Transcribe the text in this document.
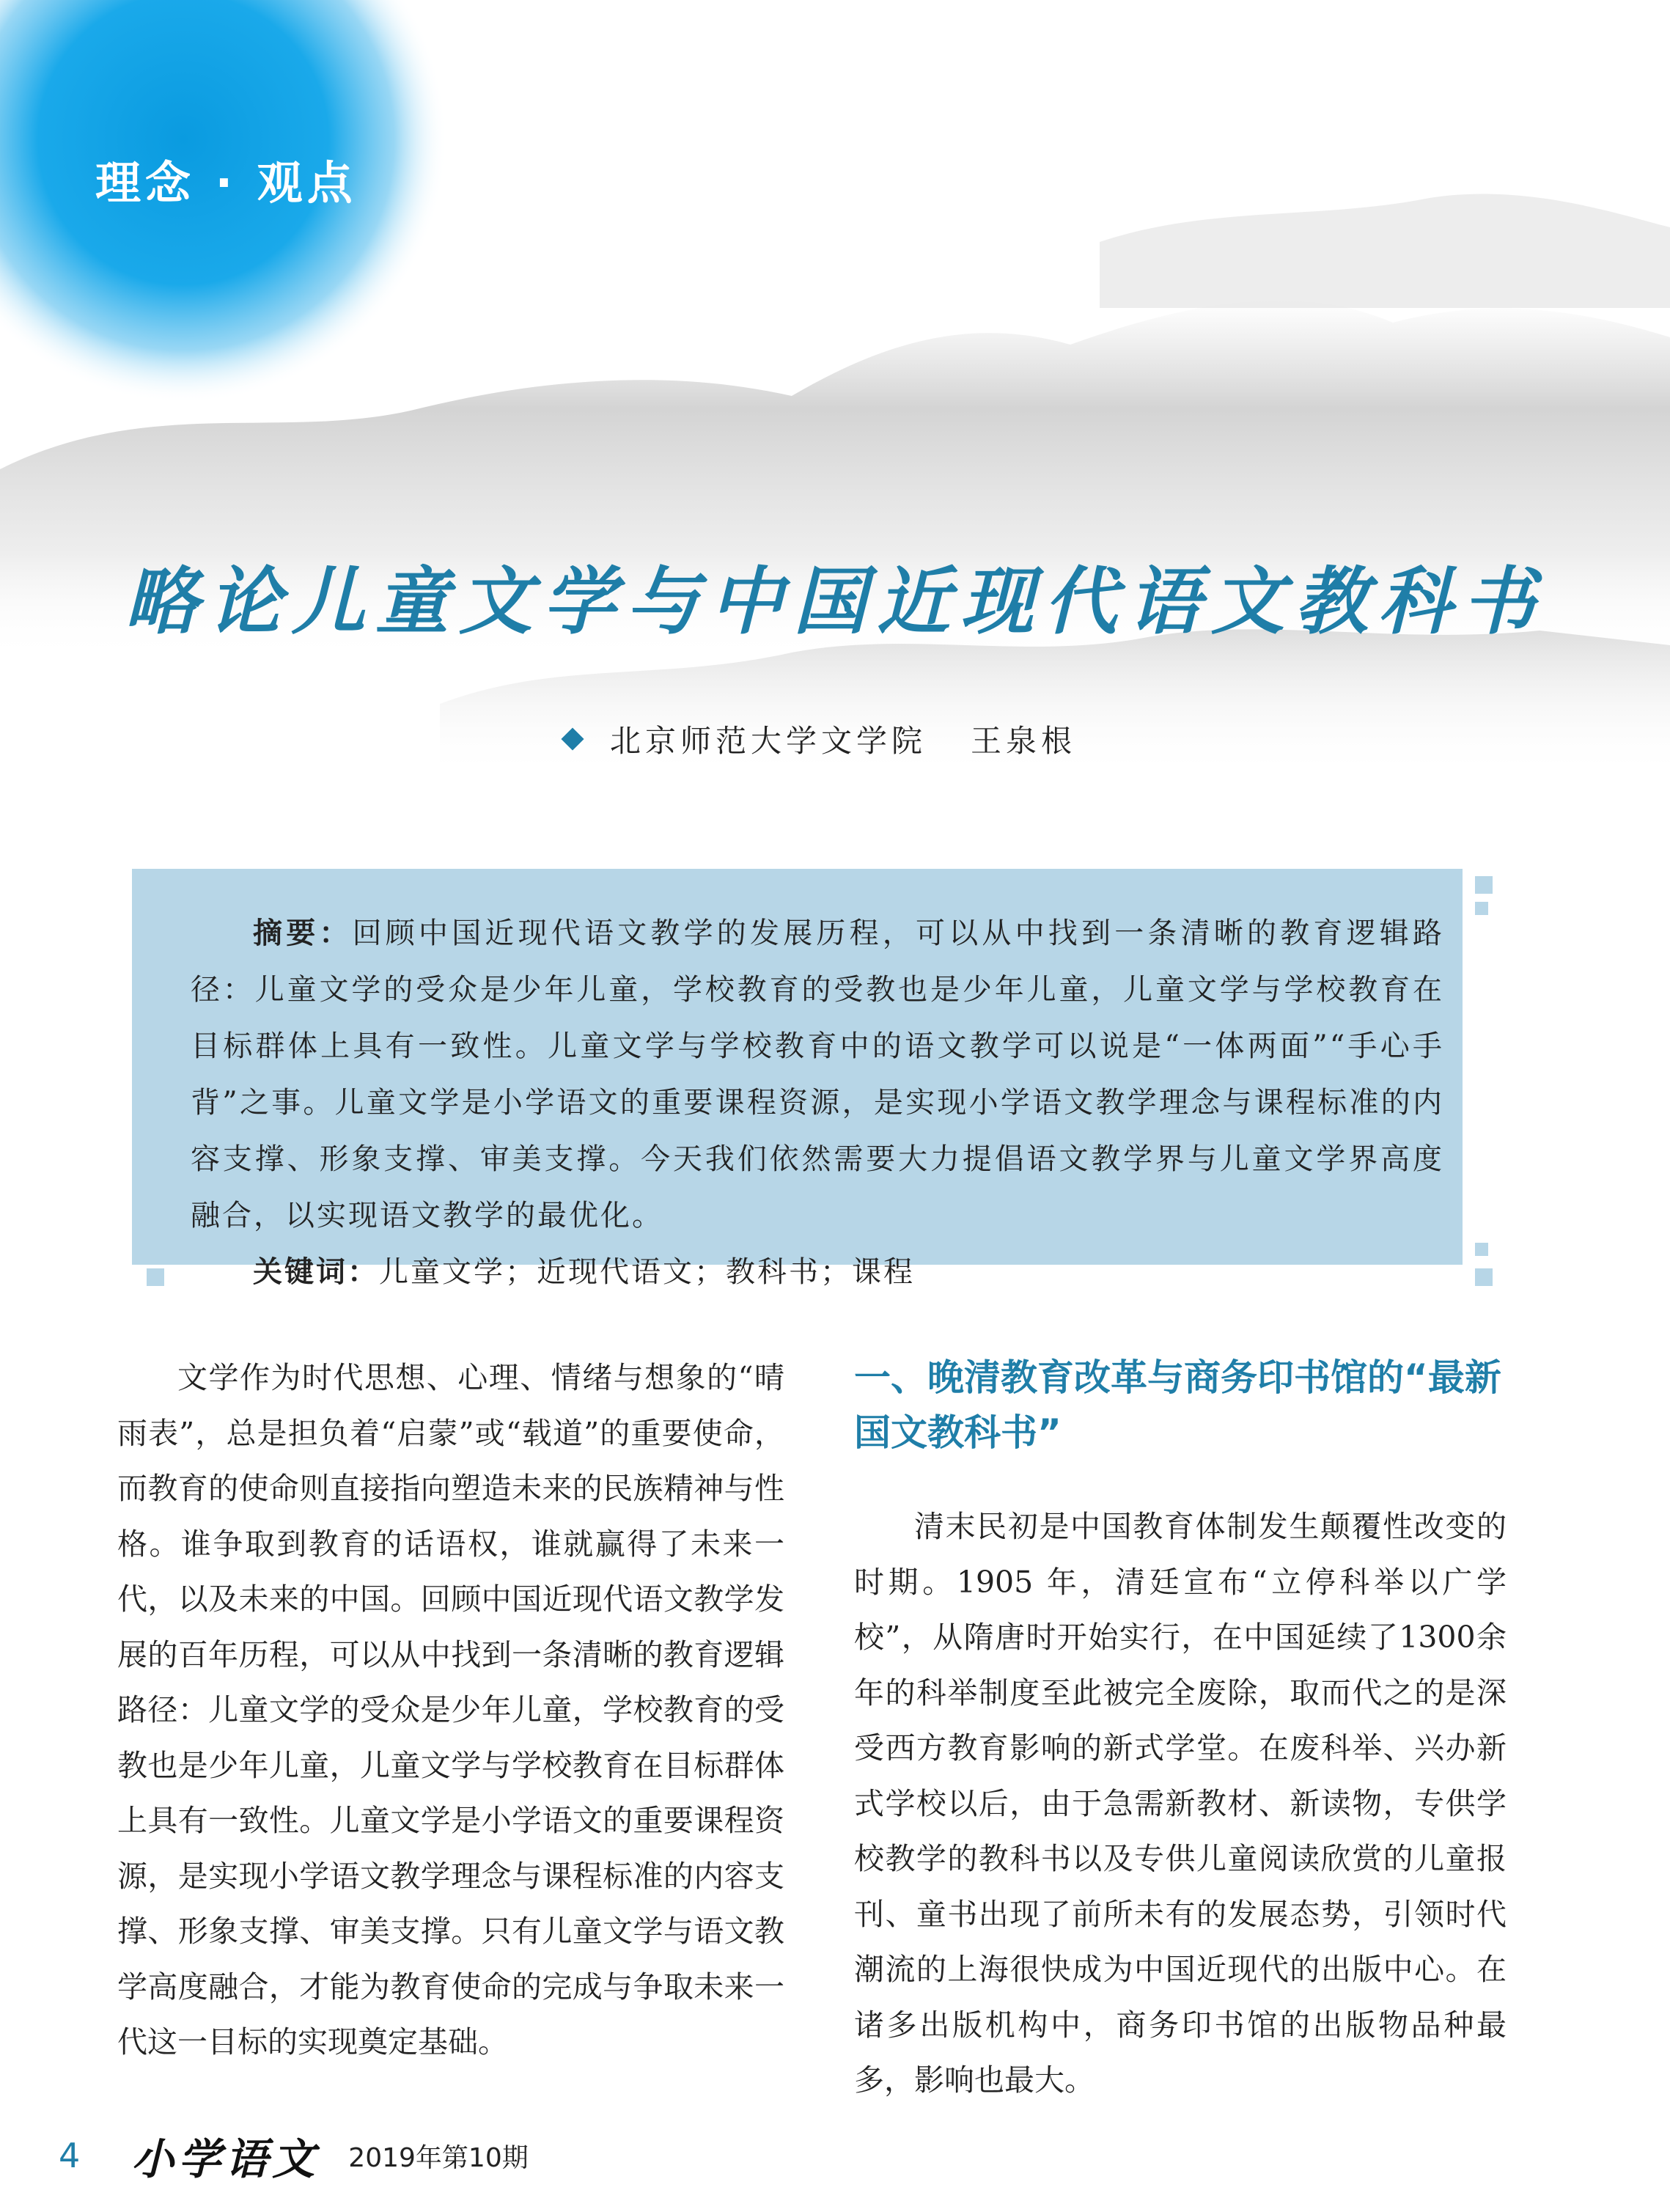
理念 · 观点
略论儿童文学与中国近现代语文教科书
北京师范大学文学院 王泉根

摘要：回顾中国近现代语文教学的发展历程，可以从中找到一条清晰的教育逻辑路径：儿童文学的受众是少年儿童，学校教育的受教也是少年儿童，儿童文学与学校教育在目标群体上具有一致性。儿童文学与学校教育中的语文教学可以说是“一体两面”“手心手背”之事。儿童文学是小学语文的重要课程资源，是实现小学语文教学理念与课程标准的内容支撑、形象支撑、审美支撑。今天我们依然需要大力提倡语文教学界与儿童文学界高度融合，以实现语文教学的最优化。

关键词：儿童文学；近现代语文；教科书；课程

文学作为时代思想、心理、情绪与想象的“晴雨表”，总是担负着“启蒙”或“载道”的重要使命，而教育的使命则直接指向塑造未来的民族精神与性格。谁争取到教育的话语权，谁就赢得了未来一代，以及未来的中国。回顾中国近现代语文教学发展的百年历程，可以从中找到一条清晰的教育逻辑路径：儿童文学的受众是少年儿童，学校教育的受教也是少年儿童，儿童文学与学校教育在目标群体上具有一致性。儿童文学是小学语文的重要课程资源，是实现小学语文教学理念与课程标准的内容支撑、形象支撑、审美支撑。只有儿童文学与语文教学高度融合，才能为教育使命的完成与争取未来一代这一目标的实现奠定基础。

一、晚清教育改革与商务印书馆的“最新国文教科书”

清末民初是中国教育体制发生颠覆性改变的时期。1905 年，清廷宣布“立停科举以广学校”，从隋唐时开始实行，在中国延续了1300余年的科举制度至此被完全废除，取而代之的是深受西方教育影响的新式学堂。在废科举、兴办新式学校以后，由于急需新教材、新读物，专供学校教学的教科书以及专供儿童阅读欣赏的儿童报刊、童书出现了前所未有的发展态势，引领时代潮流的上海很快成为中国近现代的出版中心。在诸多出版机构中，商务印书馆的出版物品种最多，影响也最大。

4 小学语文 2019年第10期
